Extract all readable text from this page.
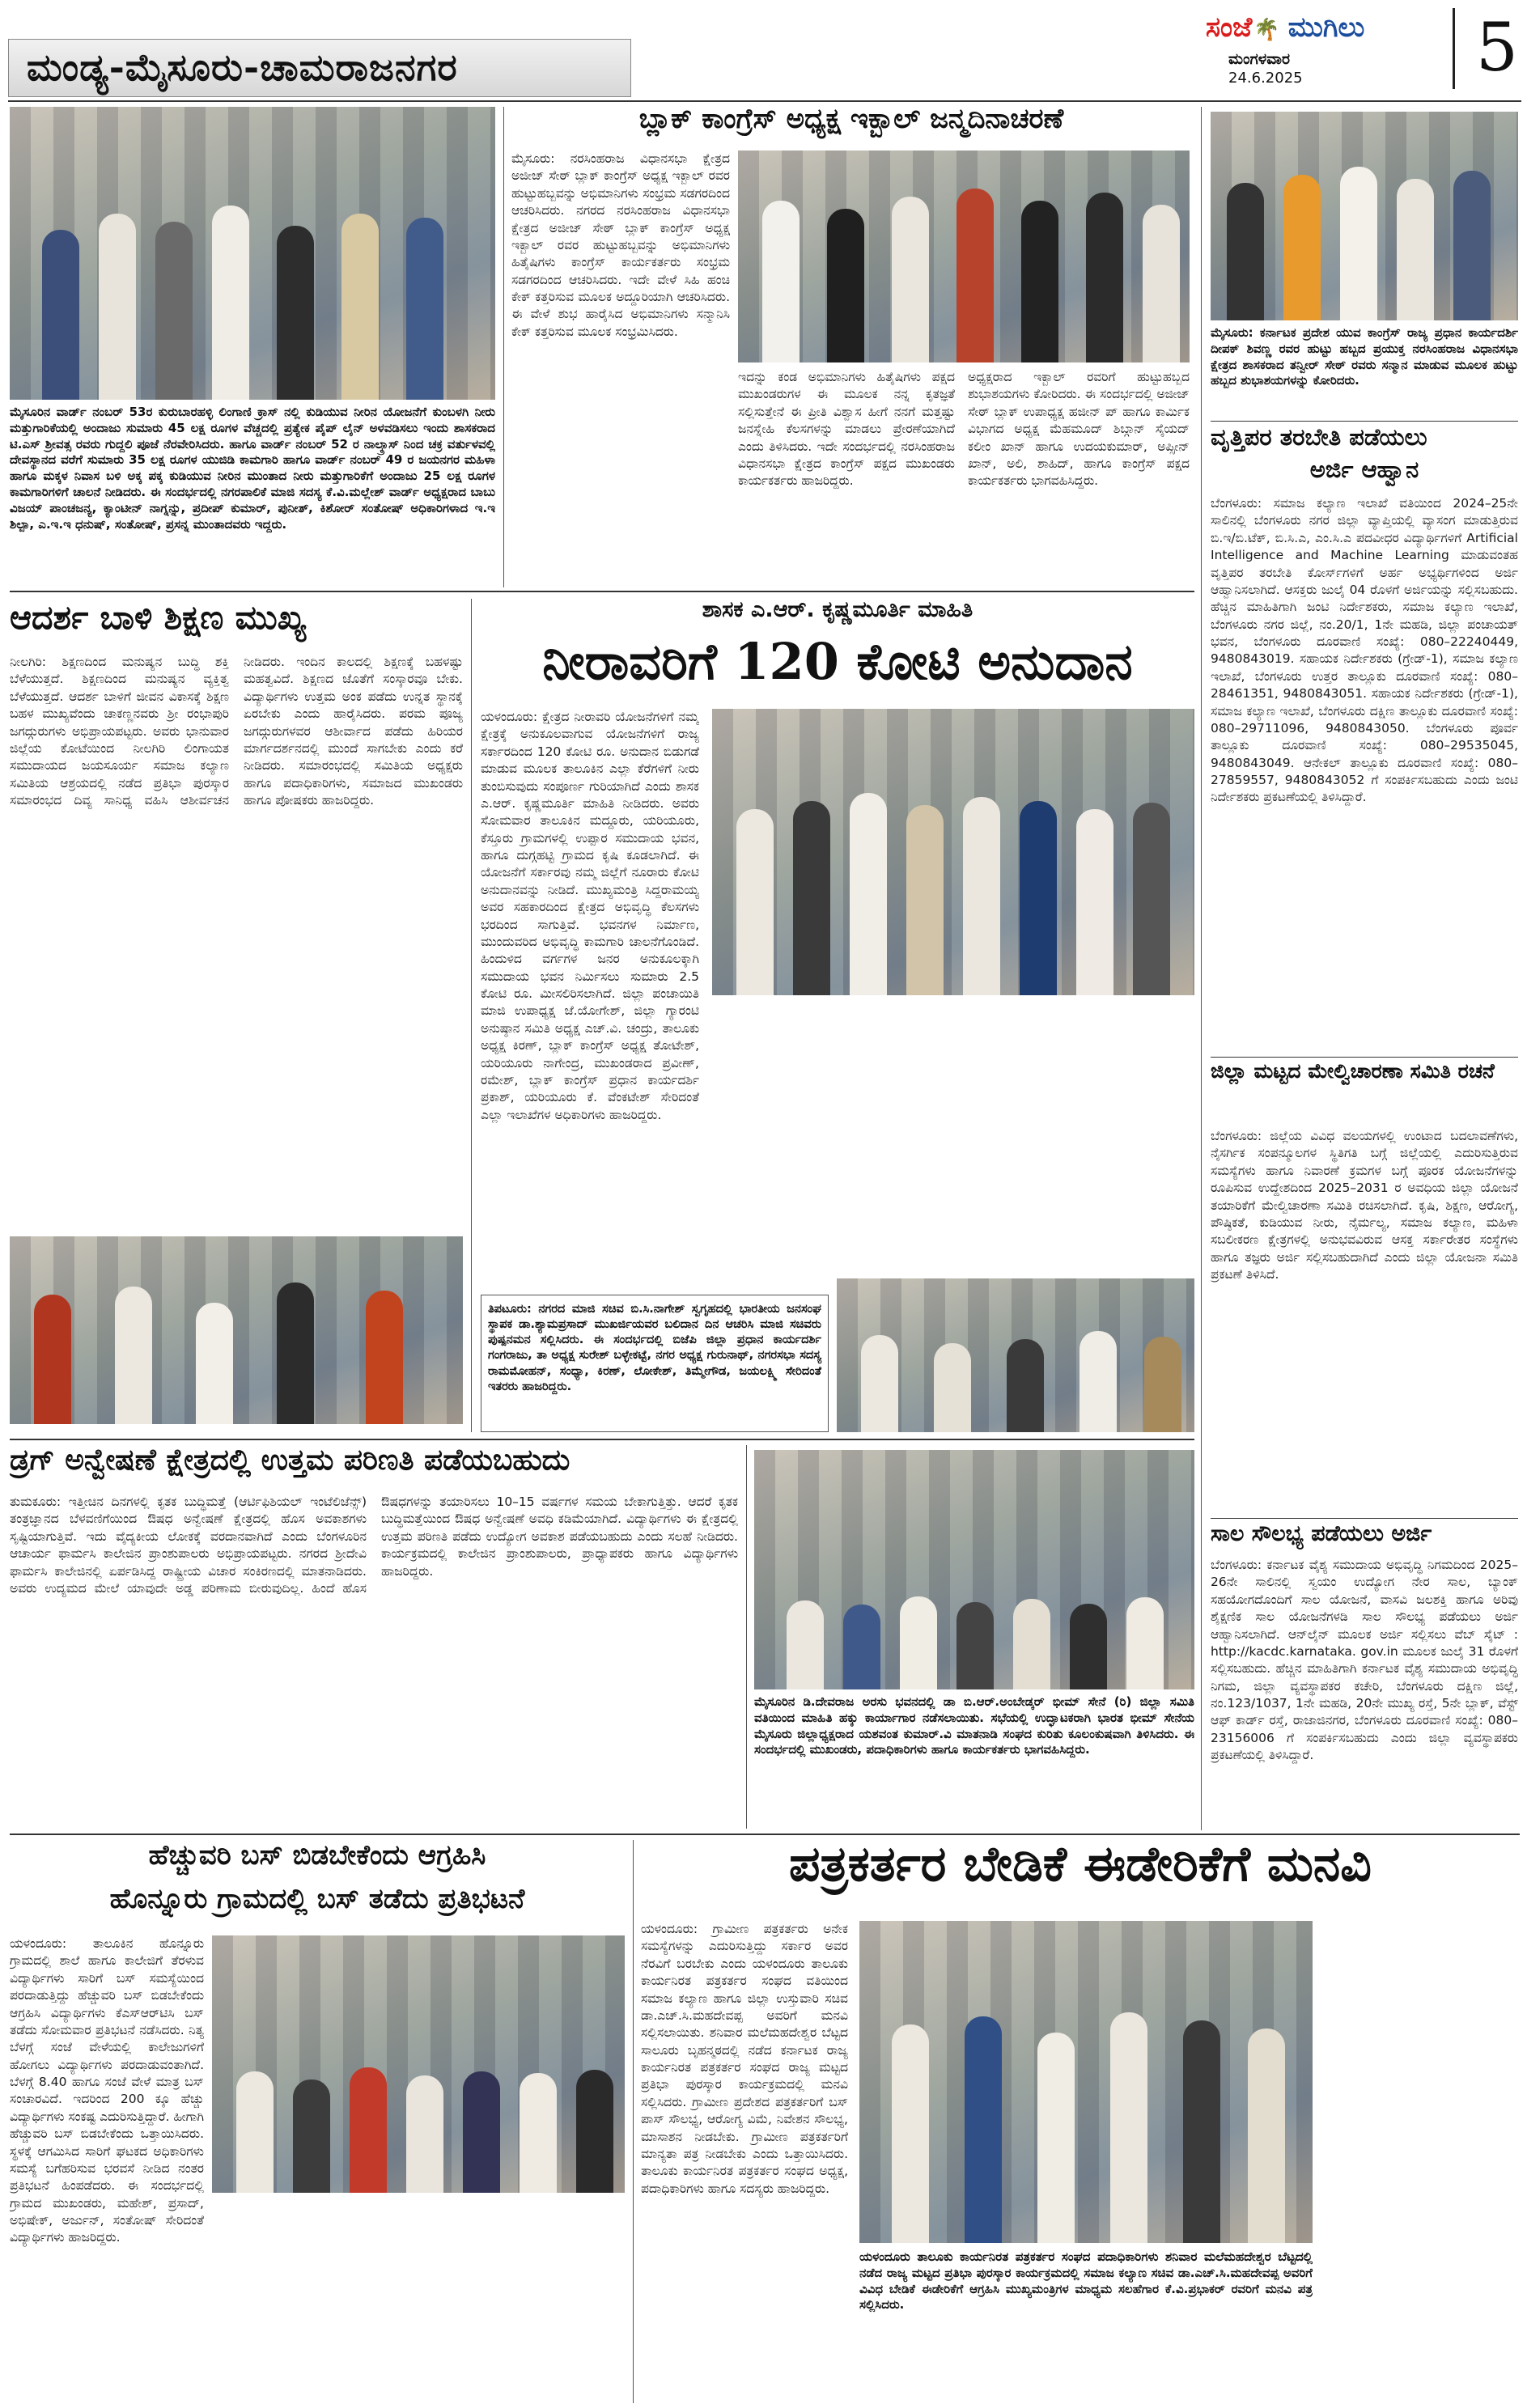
ಮಂಡ್ಯ-ಮೈಸೂರು-ಚಾಮರಾಜನಗರ
ಸಂಜೆ🌴 ಮುಗಿಲು
ಮಂಗಳವಾರ
24.6.2025	5
ಮೈಸೂರಿನ ವಾರ್ಡ್ ನಂಬರ್ 53ರ ಕುರುಬಾರಹಳ್ಳಿ ಲಿಂಗಾಣಿ ಕ್ರಾಸ್ ನಲ್ಲಿ ಕುಡಿಯುವ ನೀರಿನ ಯೋಜನೆಗೆ ಕುಂಬಳಗಿ ನೀರು ಮತ್ತುಗಾರಿಕೆಯಲ್ಲಿ ಅಂದಾಜು ಸುಮಾರು 45 ಲಕ್ಷ ರೂಗಳ ವೆಚ್ಚದಲ್ಲಿ ಪ್ರತ್ಯೇಕ ಪೈಪ್ ಲೈನ್ ಅಳವಡಿಸಲು ಇಂದು ಶಾಸಕರಾದ ಟಿ.ಎಸ್ ಶ್ರೀವತ್ಸ ರವರು ಗುದ್ದಲಿ ಪೂಜೆ ನೆರವೇರಿಸಿದರು. ಹಾಗೂ ವಾರ್ಡ್ ನಂಬರ್ 52 ರ ನಾಲ್ಕ್ರಾಸ್ ನಿಂದ ಚಕ್ರ ವರ್ತುಳವಲ್ಲಿ ದೇವಸ್ಥಾನದ ವರೆಗೆ ಸುಮಾರು 35 ಲಕ್ಷ ರೂಗಳ ಯುಜಿಡಿ ಕಾಮಗಾರಿ ಹಾಗೂ ವಾರ್ಡ್ ನಂಬರ್ 49 ರ ಜಯನಗರ ಮಹಿಳಾ ಹಾಗೂ ಮಕ್ಕಳ ನಿವಾಸ ಬಳಿ ಅಕ್ಕ ಪಕ್ಕ ಕುಡಿಯುವ ನೀರಿನ ಮುಂತಾದ ನೀರು ಮತ್ತುಗಾರಿಕೆಗೆ ಅಂದಾಜು 25 ಲಕ್ಷ ರೂಗಳ ಕಾಮಗಾರಿಗಳಿಗೆ ಚಾಲನೆ ನೀಡಿದರು. ಈ ಸಂದರ್ಭದಲ್ಲಿ ನಗರಪಾಲಿಕೆ ಮಾಜಿ ಸದಸ್ಯ ಕೆ.ವಿ.ಮಲ್ಲೇಶ್ ವಾರ್ಡ್ ಅಧ್ಯಕ್ಷರಾದ ಬಾಬು ವಿಜಯ್ ಪಾಂಚಜನ್ಯ, ಕ್ಯಾಂಟೀನ್ ನಾಗ್ನನ್ನು, ಪ್ರದೀಪ್ ಕುಮಾರ್, ಪುನೀತ್, ಕಿಶೋರ್ ಸಂತೋಷ್ ಅಧಿಕಾರಿಗಳಾದ ಇ.ಇ ಶಿಲ್ಪಾ, ಎ.ಇ.ಇ ಧನುಷ್, ಸಂತೋಷ್, ಪ್ರಸನ್ನ ಮುಂತಾದವರು ಇದ್ದರು.
ಬ್ಲಾಕ್ ಕಾಂಗ್ರೆಸ್ ಅಧ್ಯಕ್ಷ ಇಕ್ಬಾಲ್ ಜನ್ಮದಿನಾಚರಣೆ
ಮೈಸೂರು: ನರಸಿಂಹರಾಜ ವಿಧಾನಸಭಾ ಕ್ಷೇತ್ರದ ಅಜೀಜ್ ಸೇಠ್ ಬ್ಲಾಕ್ ಕಾಂಗ್ರೆಸ್ ಅಧ್ಯಕ್ಷ ಇಕ್ಬಾಲ್ ರವರ ಹುಟ್ಟುಹಬ್ಬವನ್ನು ಅಭಿಮಾನಿಗಳು ಸಂಭ್ರಮ ಸಡಗರದಿಂದ ಆಚರಿಸಿದರು. ನಗರದ ನರಸಿಂಹರಾಜ ವಿಧಾನಸಭಾ ಕ್ಷೇತ್ರದ ಅಜೀಜ್ ಸೇಠ್ ಬ್ಲಾಕ್ ಕಾಂಗ್ರೆಸ್ ಅಧ್ಯಕ್ಷ ಇಕ್ಬಾಲ್ ರವರ ಹುಟ್ಟುಹಬ್ಬವನ್ನು ಅಭಿಮಾನಿಗಳು ಹಿತೈಷಿಗಳು ಕಾಂಗ್ರೆಸ್ ಕಾರ್ಯಕರ್ತರು ಸಂಭ್ರಮ ಸಡಗರದಿಂದ ಆಚರಿಸಿದರು. ಇದೇ ವೇಳೆ ಸಿಹಿ ಹಂಚಿ ಕೇಕ್ ಕತ್ತರಿಸುವ ಮೂಲಕ ಅದ್ದೂರಿಯಾಗಿ ಆಚರಿಸಿದರು. ಈ ವೇಳೆ ಶುಭ ಹಾರೈಸಿದ ಅಭಿಮಾನಿಗಳು ಸನ್ಮಾನಿಸಿ ಕೇಕ್ ಕತ್ತರಿಸುವ ಮೂಲಕ ಸಂಭ್ರಮಿಸಿದರು.
ಇದನ್ನು ಕಂಡ ಅಭಿಮಾನಿಗಳು ಹಿತೈಷಿಗಳು ಪಕ್ಷದ ಮುಖಂಡರುಗಳ ಈ ಮೂಲಕ ನನ್ನ ಕೃತಜ್ಞತೆ ಸಲ್ಲಿಸುತ್ತೇನೆ ಈ ಪ್ರೀತಿ ವಿಶ್ವಾಸ ಹೀಗೆ ನನಗೆ ಮತ್ತಷ್ಟು ಜನಸ್ನೇಹಿ ಕೆಲಸಗಳನ್ನು ಮಾಡಲು ಪ್ರೇರಣೆಯಾಗಿದೆ ಎಂದು ತಿಳಿಸಿದರು. ಇದೇ ಸಂದರ್ಭದಲ್ಲಿ ನರಸಿಂಹರಾಜ ವಿಧಾನಸಭಾ ಕ್ಷೇತ್ರದ ಕಾಂಗ್ರೆಸ್ ಪಕ್ಷದ ಮುಖಂಡರು ಕಾರ್ಯಕರ್ತರು ಹಾಜರಿದ್ದರು.
ಅಧ್ಯಕ್ಷರಾದ ಇಕ್ಬಾಲ್ ರವರಿಗೆ ಹುಟ್ಟುಹಬ್ಬದ ಶುಭಾಶಯಗಳು ಕೋರಿದರು. ಈ ಸಂದರ್ಭದಲ್ಲಿ ಅಜೀಜ್ ಸೇಠ್ ಬ್ಲಾಕ್ ಉಪಾಧ್ಯಕ್ಷ ಹಜೀನ್ ಪ್ ಹಾಗೂ ಕಾರ್ಮಿಕ ವಿಭಾಗದ ಅಧ್ಯಕ್ಷ ಮೆಹಮೂದ್ ಶಿಬ್ಗಾನ್ ಸೈಯದ್ ಕಲೀಂ ಖಾನ್ ಹಾಗೂ ಉದಯಕುಮಾರ್, ಅಪ್ಸೀನ್ ಖಾನ್, ಅಲಿ, ಶಾಹಿದ್, ಹಾಗೂ ಕಾಂಗ್ರೆಸ್ ಪಕ್ಷದ ಕಾರ್ಯಕರ್ತರು ಭಾಗವಹಿಸಿದ್ದರು.
ಮೈಸೂರು: ಕರ್ನಾಟಕ ಪ್ರದೇಶ ಯುವ ಕಾಂಗ್ರೆಸ್ ರಾಜ್ಯ ಪ್ರಧಾನ ಕಾರ್ಯದರ್ಶಿ ದೀಪಕ್ ಶಿವಣ್ಣ ರವರ ಹುಟ್ಟು ಹಬ್ಬದ ಪ್ರಯುಕ್ತ ನರಸಿಂಹರಾಜ ವಿಧಾನಸಭಾ ಕ್ಷೇತ್ರದ ಶಾಸಕರಾದ ತನ್ವೀರ್ ಸೇಠ್ ರವರು ಸನ್ಮಾನ ಮಾಡುವ ಮೂಲಕ ಹುಟ್ಟು ಹಬ್ಬದ ಶುಭಾಶಯಗಳನ್ನು ಕೋರಿದರು.
ವೃತ್ತಿಪರ ತರಬೇತಿ ಪಡೆಯಲು
ಅರ್ಜಿ ಆಹ್ವಾನ
ಬೆಂಗಳೂರು: ಸಮಾಜ ಕಲ್ಯಾಣ ಇಲಾಖೆ ವತಿಯಿಂದ 2024–25ನೇ ಸಾಲಿನಲ್ಲಿ ಬೆಂಗಳೂರು ನಗರ ಜಿಲ್ಲಾ ವ್ಯಾಪ್ತಿಯಲ್ಲಿ ವ್ಯಾಸಂಗ ಮಾಡುತ್ತಿರುವ ಬಿ.ಇ/ಬಿ.ಟೆಕ್, ಬಿ.ಸಿ.ಎ, ಎಂ.ಸಿ.ಎ ಪದವೀಧರ ವಿದ್ಯಾರ್ಥಿಗಳಿಗೆ Artificial Intelligence and Machine Learning ಮಾಡುವಂತಹ ವೃತ್ತಿಪರ ತರಬೇತಿ ಕೋರ್ಸ್‌ಗಳಿಗೆ ಅರ್ಹ ಅಭ್ಯರ್ಥಿಗಳಿಂದ ಅರ್ಜಿ ಆಹ್ವಾನಿಸಲಾಗಿದೆ. ಆಸಕ್ತರು ಜುಲೈ 04 ರೊಳಗೆ ಅರ್ಜಿಯನ್ನು ಸಲ್ಲಿಸಬಹುದು. ಹೆಚ್ಚಿನ ಮಾಹಿತಿಗಾಗಿ ಜಂಟಿ ನಿರ್ದೇಶಕರು, ಸಮಾಜ ಕಲ್ಯಾಣ ಇಲಾಖೆ, ಬೆಂಗಳೂರು ನಗರ ಜಿಲ್ಲೆ, ನಂ.20/1, 1ನೇ ಮಹಡಿ, ಜಿಲ್ಲಾ ಪಂಚಾಯತ್ ಭವನ, ಬೆಂಗಳೂರು ದೂರವಾಣಿ ಸಂಖ್ಯೆ: 080–22240449, 9480843019. ಸಹಾಯಕ ನಿರ್ದೇಶಕರು (ಗ್ರೇಡ್-1), ಸಮಾಜ ಕಲ್ಯಾಣ ಇಲಾಖೆ, ಬೆಂಗಳೂರು ಉತ್ತರ ತಾಲ್ಲೂಕು ದೂರವಾಣಿ ಸಂಖ್ಯೆ: 080–28461351, 9480843051. ಸಹಾಯಕ ನಿರ್ದೇಶಕರು (ಗ್ರೇಡ್-1), ಸಮಾಜ ಕಲ್ಯಾಣ ಇಲಾಖೆ, ಬೆಂಗಳೂರು ದಕ್ಷಿಣ ತಾಲ್ಲೂಕು ದೂರವಾಣಿ ಸಂಖ್ಯೆ: 080–29711096, 9480843050. ಬೆಂಗಳೂರು ಪೂರ್ವ ತಾಲ್ಲೂಕು ದೂರವಾಣಿ ಸಂಖ್ಯೆ: 080–29535045, 9480843049. ಆನೇಕಲ್ ತಾಲ್ಲೂಕು ದೂರವಾಣಿ ಸಂಖ್ಯೆ: 080–27859557, 9480843052 ಗೆ ಸಂಪರ್ಕಿಸಬಹುದು ಎಂದು ಜಂಟಿ ನಿರ್ದೇಶಕರು ಪ್ರಕಟಣೆಯಲ್ಲಿ ತಿಳಿಸಿದ್ದಾರೆ.
ಜಿಲ್ಲಾ ಮಟ್ಟದ ಮೇಲ್ವಿಚಾರಣಾ ಸಮಿತಿ ರಚನೆ
ಬೆಂಗಳೂರು: ಜಿಲ್ಲೆಯ ವಿವಿಧ ವಲಯಗಳಲ್ಲಿ ಉಂಟಾದ ಬದಲಾವಣೆಗಳು, ನೈಸರ್ಗಿಕ ಸಂಪನ್ಮೂಲಗಳ ಸ್ಥಿತಿಗತಿ ಬಗ್ಗೆ ಜಿಲ್ಲೆಯಲ್ಲಿ ಎದುರಿಸುತ್ತಿರುವ ಸಮಸ್ಯೆಗಳು ಹಾಗೂ ನಿವಾರಣೆ ಕ್ರಮಗಳ ಬಗ್ಗೆ ಪೂರಕ ಯೋಜನೆಗಳನ್ನು ರೂಪಿಸುವ ಉದ್ದೇಶದಿಂದ 2025–2031 ರ ಅವಧಿಯ ಜಿಲ್ಲಾ ಯೋಜನೆ ತಯಾರಿಕೆಗೆ ಮೇಲ್ವಿಚಾರಣಾ ಸಮಿತಿ ರಚಿಸಲಾಗಿದೆ. ಕೃಷಿ, ಶಿಕ್ಷಣ, ಆರೋಗ್ಯ, ಪೌಷ್ಠಿಕತೆ, ಕುಡಿಯುವ ನೀರು, ನೈರ್ಮಲ್ಯ, ಸಮಾಜ ಕಲ್ಯಾಣ, ಮಹಿಳಾ ಸಬಲೀಕರಣ ಕ್ಷೇತ್ರಗಳಲ್ಲಿ ಅನುಭವವಿರುವ ಆಸಕ್ತ ಸರ್ಕಾರೇತರ ಸಂಸ್ಥೆಗಳು ಹಾಗೂ ತಜ್ಞರು ಅರ್ಜಿ ಸಲ್ಲಿಸಬಹುದಾಗಿದೆ ಎಂದು ಜಿಲ್ಲಾ ಯೋಜನಾ ಸಮಿತಿ ಪ್ರಕಟಣೆ ತಿಳಿಸಿದೆ.
ಸಾಲ ಸೌಲಭ್ಯ ಪಡೆಯಲು ಅರ್ಜಿ
ಬೆಂಗಳೂರು: ಕರ್ನಾಟಕ ವೈಶ್ಯ ಸಮುದಾಯ ಅಭಿವೃದ್ಧಿ ನಿಗಮದಿಂದ 2025–26ನೇ ಸಾಲಿನಲ್ಲಿ ಸ್ವಯಂ ಉದ್ಯೋಗ ನೇರ ಸಾಲ, ಬ್ಯಾಂಕ್ ಸಹಯೋಗದೊಂದಿಗೆ ಸಾಲ ಯೋಜನೆ, ವಾಸವಿ ಜಲಶಕ್ತಿ ಹಾಗೂ ಅರಿವು ಶೈಕ್ಷಣಿಕ ಸಾಲ ಯೋಜನೆಗಳಡಿ ಸಾಲ ಸೌಲಭ್ಯ ಪಡೆಯಲು ಅರ್ಜಿ ಆಹ್ವಾನಿಸಲಾಗಿದೆ. ಆನ್‌ಲೈನ್ ಮೂಲಕ ಅರ್ಜಿ ಸಲ್ಲಿಸಲು ವೆಬ್ ಸೈಟ್ : http://kacdc.karnataka. gov.in ಮೂಲಕ ಜುಲೈ 31 ರೊಳಗೆ ಸಲ್ಲಿಸಬಹುದು. ಹೆಚ್ಚಿನ ಮಾಹಿತಿಗಾಗಿ ಕರ್ನಾಟಕ ವೈಶ್ಯ ಸಮುದಾಯ ಅಭಿವೃದ್ಧಿ ನಿಗಮ, ಜಿಲ್ಲಾ ವ್ಯವಸ್ಥಾಪಕರ ಕಚೇರಿ, ಬೆಂಗಳೂರು ದಕ್ಷಿಣ ಜಿಲ್ಲೆ, ನಂ.123/1037, 1ನೇ ಮಹಡಿ, 20ನೇ ಮುಖ್ಯ ರಸ್ತೆ, 5ನೇ ಬ್ಲಾಕ್, ವೆಸ್ಟ್ ಆಫ್ ಕಾರ್ಡ್ ರಸ್ತೆ, ರಾಜಾಜಿನಗರ, ಬೆಂಗಳೂರು ದೂರವಾಣಿ ಸಂಖ್ಯೆ: 080–23156006 ಗೆ ಸಂಪರ್ಕಿಸಬಹುದು ಎಂದು ಜಿಲ್ಲಾ ವ್ಯವಸ್ಥಾಪಕರು ಪ್ರಕಟಣೆಯಲ್ಲಿ ತಿಳಿಸಿದ್ದಾರೆ.
ಆದರ್ಶ ಬಾಳಿ ಶಿಕ್ಷಣ ಮುಖ್ಯ
ನೀಲಗಿರಿ: ಶಿಕ್ಷಣದಿಂದ ಮನುಷ್ಯನ ಬುದ್ಧಿ ಶಕ್ತಿ ಬೆಳೆಯುತ್ತದೆ. ಶಿಕ್ಷಣದಿಂದ ಮನುಷ್ಯನ ವ್ಯಕ್ತಿತ್ವ ಬೆಳೆಯುತ್ತದೆ. ಆದರ್ಶ ಬಾಳಿಗೆ ಜೀವನ ವಿಕಾಸಕ್ಕೆ ಶಿಕ್ಷಣ ಬಹಳ ಮುಖ್ಯವೆಂದು ಚಾಕಣ್ಣನವರು ಶ್ರೀ ರಂಭಾಪುರಿ ಜಗದ್ಗುರುಗಳು ಅಭಿಪ್ರಾಯಪಟ್ಟರು. ಅವರು ಭಾನುವಾರ ಜಿಲ್ಲೆಯ ಕೋಟೆಯಿಂದ ನೀಲಗಿರಿ ಲಿಂಗಾಯತ ಸಮುದಾಯದ ಜಯಸೂರ್ಯ ಸಮಾಜ ಕಲ್ಯಾಣ ಸಮಿತಿಯ ಆಶ್ರಯದಲ್ಲಿ ನಡೆದ ಪ್ರತಿಭಾ ಪುರಸ್ಕಾರ ಸಮಾರಂಭದ ದಿವ್ಯ ಸಾನಿಧ್ಯ ವಹಿಸಿ ಆಶೀರ್ವಚನ ನೀಡಿದರು. ಇಂದಿನ ಕಾಲದಲ್ಲಿ ಶಿಕ್ಷಣಕ್ಕೆ ಬಹಳಷ್ಟು ಮಹತ್ವವಿದೆ. ಶಿಕ್ಷಣದ ಜೊತೆಗೆ ಸಂಸ್ಕಾರವೂ ಬೇಕು. ವಿದ್ಯಾರ್ಥಿಗಳು ಉತ್ತಮ ಅಂಕ ಪಡೆದು ಉನ್ನತ ಸ್ಥಾನಕ್ಕೆ ಏರಬೇಕು ಎಂದು ಹಾರೈಸಿದರು. ಪರಮ ಪೂಜ್ಯ ಜಗದ್ಗುರುಗಳವರ ಆಶೀರ್ವಾದ ಪಡೆದು ಹಿರಿಯರ ಮಾರ್ಗದರ್ಶನದಲ್ಲಿ ಮುಂದೆ ಸಾಗಬೇಕು ಎಂದು ಕರೆ ನೀಡಿದರು. ಸಮಾರಂಭದಲ್ಲಿ ಸಮಿತಿಯ ಅಧ್ಯಕ್ಷರು ಹಾಗೂ ಪದಾಧಿಕಾರಿಗಳು, ಸಮಾಜದ ಮುಖಂಡರು ಹಾಗೂ ಪೋಷಕರು ಹಾಜರಿದ್ದರು.
ಶಾಸಕ ಎ.ಆರ್. ಕೃಷ್ಣಮೂರ್ತಿ ಮಾಹಿತಿ
ನೀರಾವರಿಗೆ 120 ಕೋಟಿ ಅನುದಾನ
ಯಳಂದೂರು: ಕ್ಷೇತ್ರದ ನೀರಾವರಿ ಯೋಜನೆಗಳಿಗೆ ನಮ್ಮ ಕ್ಷೇತ್ರಕ್ಕೆ ಅನುಕೂಲವಾಗುವ ಯೋಜನೆಗಳಿಗೆ ರಾಜ್ಯ ಸರ್ಕಾರದಿಂದ 120 ಕೋಟಿ ರೂ. ಅನುದಾನ ಬಿಡುಗಡೆ ಮಾಡುವ ಮೂಲಕ ತಾಲೂಕಿನ ಎಲ್ಲಾ ಕೆರೆಗಳಿಗೆ ನೀರು ತುಂಬಿಸುವುದು ಸಂಪೂರ್ಣ ಗುರಿಯಾಗಿದೆ ಎಂದು ಶಾಸಕ ಎ.ಆರ್. ಕೃಷ್ಣಮೂರ್ತಿ ಮಾಹಿತಿ ನೀಡಿದರು. ಅವರು ಸೋಮವಾರ ತಾಲೂಕಿನ ಮದ್ದೂರು, ಯರಿಯೂರು, ಕೆಸ್ತೂರು ಗ್ರಾಮಗಳಲ್ಲಿ ಉಪ್ಪಾರ ಸಮುದಾಯ ಭವನ, ಹಾಗೂ ದುಗ್ಗಹಟ್ಟಿ ಗ್ರಾಮದ ಕೃಷಿ ಕೂಡಲಾಗಿದೆ. ಈ ಯೋಜನೆಗೆ ಸರ್ಕಾರವು ನಮ್ಮ ಜಿಲ್ಲೆಗೆ ನೂರಾರು ಕೋಟಿ ಅನುದಾನವನ್ನು ನೀಡಿದೆ. ಮುಖ್ಯಮಂತ್ರಿ ಸಿದ್ದರಾಮಯ್ಯ ಅವರ ಸಹಕಾರದಿಂದ ಕ್ಷೇತ್ರದ ಅಭಿವೃದ್ಧಿ ಕೆಲಸಗಳು ಭರದಿಂದ ಸಾಗುತ್ತಿವೆ. ಭವನಗಳ ನಿರ್ಮಾಣ, ಮುಂದುವರಿದ ಅಭಿವೃದ್ಧಿ ಕಾಮಗಾರಿ ಚಾಲನೆಗೊಂಡಿದೆ. ಹಿಂದುಳಿದ ವರ್ಗಗಳ ಜನರ ಅನುಕೂಲಕ್ಕಾಗಿ ಸಮುದಾಯ ಭವನ ನಿರ್ಮಿಸಲು ಸುಮಾರು 2.5 ಕೋಟಿ ರೂ. ಮೀಸಲಿರಿಸಲಾಗಿದೆ. ಜಿಲ್ಲಾ ಪಂಚಾಯಿತಿ ಮಾಜಿ ಉಪಾಧ್ಯಕ್ಷ ಜೆ.ಯೋಗೇಶ್, ಜಿಲ್ಲಾ ಗ್ಯಾರಂಟಿ ಅನುಷ್ಠಾನ ಸಮಿತಿ ಅಧ್ಯಕ್ಷ ಎಚ್.ವಿ. ಚಂದ್ರು, ತಾಲೂಕು ಅಧ್ಯಕ್ಷ ಕಿರಣ್, ಬ್ಲಾಕ್ ಕಾಂಗ್ರೆಸ್ ಅಧ್ಯಕ್ಷ ತೋಟೇಶ್, ಯರಿಯೂರು ನಾಗೇಂದ್ರ, ಮುಖಂಡರಾದ ಪ್ರವೀಣ್, ರಮೇಶ್, ಬ್ಲಾಕ್ ಕಾಂಗ್ರೆಸ್ ಪ್ರಧಾನ ಕಾರ್ಯದರ್ಶಿ ಪ್ರಕಾಶ್, ಯರಿಯೂರು ಕೆ. ವೆಂಕಟೇಶ್ ಸೇರಿದಂತೆ ಎಲ್ಲಾ ಇಲಾಖೆಗಳ ಅಧಿಕಾರಿಗಳು ಹಾಜರಿದ್ದರು.
ತಿಪಟೂರು: ನಗರದ ಮಾಜಿ ಸಚಿವ ಬಿ.ಸಿ.ನಾಗೇಶ್ ಸ್ವಗೃಹದಲ್ಲಿ ಭಾರತೀಯ ಜನಸಂಘ ಸ್ಥಾಪಕ ಡಾ.ಶ್ಯಾಮಪ್ರಸಾದ್ ಮುಖರ್ಜಿಯವರ ಬಲಿದಾನ ದಿನ ಆಚರಿಸಿ ಮಾಜಿ ಸಚಿವರು ಪುಷ್ಪನಮನ ಸಲ್ಲಿಸಿದರು. ಈ ಸಂದರ್ಭದಲ್ಲಿ ಬಿಜೆಪಿ ಜಿಲ್ಲಾ ಪ್ರಧಾನ ಕಾರ್ಯದರ್ಶಿ ಗಂಗರಾಜು, ತಾ ಅಧ್ಯಕ್ಷ ಸುರೇಶ್ ಬಳ್ಳೇಕಟ್ಟೆ, ನಗರ ಅಧ್ಯಕ್ಷ ಗುರುನಾಥ್, ನಗರಸಭಾ ಸದಸ್ಯ ರಾಮಮೋಹನ್, ಸಂಧ್ಯಾ, ಕಿರಣ್, ಲೋಕೇಶ್, ತಿಮ್ಮೇಗೌಡ, ಜಯಲಕ್ಷ್ಮಿ ಸೇರಿದಂತೆ ಇತರರು ಹಾಜರಿದ್ದರು.
ಡ್ರಗ್ ಅನ್ವೇಷಣೆ ಕ್ಷೇತ್ರದಲ್ಲಿ ಉತ್ತಮ ಪರಿಣತಿ ಪಡೆಯಬಹುದು
ತುಮಕೂರು: ಇತ್ತೀಚಿನ ದಿನಗಳಲ್ಲಿ ಕೃತಕ ಬುದ್ಧಿಮತ್ತೆ (ಆರ್ಟಿಫಿಶಿಯಲ್ ಇಂಟೆಲಿಜೆನ್ಸ್) ತಂತ್ರಜ್ಞಾನದ ಬೆಳವಣಿಗೆಯಿಂದ ಔಷಧ ಅನ್ವೇಷಣೆ ಕ್ಷೇತ್ರದಲ್ಲಿ ಹೊಸ ಅವಕಾಶಗಳು ಸೃಷ್ಟಿಯಾಗುತ್ತಿವೆ. ಇದು ವೈದ್ಯಕೀಯ ಲೋಕಕ್ಕೆ ವರದಾನವಾಗಿದೆ ಎಂದು ಬೆಂಗಳೂರಿನ ಆಚಾರ್ಯ ಫಾರ್ಮಸಿ ಕಾಲೇಜಿನ ಪ್ರಾಂಶುಪಾಲರು ಅಭಿಪ್ರಾಯಪಟ್ಟರು. ನಗರದ ಶ್ರೀದೇವಿ ಫಾರ್ಮಸಿ ಕಾಲೇಜಿನಲ್ಲಿ ಏರ್ಪಡಿಸಿದ್ದ ರಾಷ್ಟ್ರೀಯ ವಿಚಾರ ಸಂಕಿರಣದಲ್ಲಿ ಮಾತನಾಡಿದರು. ಅವರು ಉದ್ಯಮದ ಮೇಲೆ ಯಾವುದೇ ಅಡ್ಡ ಪರಿಣಾಮ ಬೀರುವುದಿಲ್ಲ. ಹಿಂದೆ ಹೊಸ ಔಷಧಗಳನ್ನು ತಯಾರಿಸಲು 10–15 ವರ್ಷಗಳ ಸಮಯ ಬೇಕಾಗುತ್ತಿತ್ತು. ಆದರೆ ಕೃತಕ ಬುದ್ಧಿಮತ್ತೆಯಿಂದ ಔಷಧ ಅನ್ವೇಷಣೆ ಅವಧಿ ಕಡಿಮೆಯಾಗಿದೆ. ವಿದ್ಯಾರ್ಥಿಗಳು ಈ ಕ್ಷೇತ್ರದಲ್ಲಿ ಉತ್ತಮ ಪರಿಣತಿ ಪಡೆದು ಉದ್ಯೋಗ ಅವಕಾಶ ಪಡೆಯಬಹುದು ಎಂದು ಸಲಹೆ ನೀಡಿದರು. ಕಾರ್ಯಕ್ರಮದಲ್ಲಿ ಕಾಲೇಜಿನ ಪ್ರಾಂಶುಪಾಲರು, ಪ್ರಾಧ್ಯಾಪಕರು ಹಾಗೂ ವಿದ್ಯಾರ್ಥಿಗಳು ಹಾಜರಿದ್ದರು.
ಮೈಸೂರಿನ ಡಿ.ದೇವರಾಜ ಅರಸು ಭವನದಲ್ಲಿ ಡಾ ಬಿ.ಆರ್.ಅಂಬೇಡ್ಕರ್ ಭೀಮ್ ಸೇನೆ (ರಿ) ಜಿಲ್ಲಾ ಸಮಿತಿ ವತಿಯಿಂದ ಮಾಹಿತಿ ಹಕ್ಕು ಕಾರ್ಯಾಗಾರ ನಡೆಸಲಾಯಿತು. ಸಭೆಯಲ್ಲಿ ಉದ್ಘಾಟಕರಾಗಿ ಭಾರತ ಭೀಮ್ ಸೇನೆಯ ಮೈಸೂರು ಜಿಲ್ಲಾಧ್ಯಕ್ಷರಾದ ಯಶವಂತ ಕುಮಾರ್.ವಿ ಮಾತನಾಡಿ ಸಂಘದ ಕುರಿತು ಕೂಲಂಕುಷವಾಗಿ ತಿಳಿಸಿದರು. ಈ ಸಂದರ್ಭದಲ್ಲಿ ಮುಖಂಡರು, ಪದಾಧಿಕಾರಿಗಳು ಹಾಗೂ ಕಾರ್ಯಕರ್ತರು ಭಾಗವಹಿಸಿದ್ದರು.
ಹೆಚ್ಚುವರಿ ಬಸ್ ಬಿಡಬೇಕೆಂದು ಆಗ್ರಹಿಸಿ
ಹೊನ್ನೂರು ಗ್ರಾಮದಲ್ಲಿ ಬಸ್ ತಡೆದು ಪ್ರತಿಭಟನೆ
ಯಳಂದೂರು: ತಾಲೂಕಿನ ಹೊನ್ನೂರು ಗ್ರಾಮದಲ್ಲಿ ಶಾಲೆ ಹಾಗೂ ಕಾಲೇಜಿಗೆ ತೆರಳುವ ವಿದ್ಯಾರ್ಥಿಗಳು ಸಾರಿಗೆ ಬಸ್ ಸಮಸ್ಯೆಯಿಂದ ಪರದಾಡುತ್ತಿದ್ದು ಹೆಚ್ಚುವರಿ ಬಸ್ ಬಿಡಬೇಕೆಂದು ಆಗ್ರಹಿಸಿ ವಿದ್ಯಾರ್ಥಿಗಳು ಕೆಎಸ್‌ಆರ್‌ಟಿಸಿ ಬಸ್ ತಡೆದು ಸೋಮವಾರ ಪ್ರತಿಭಟನೆ ನಡೆಸಿದರು. ನಿತ್ಯ ಬೆಳಗ್ಗೆ ಸಂಜೆ ವೇಳೆಯಲ್ಲಿ ಕಾಲೇಜುಗಳಿಗೆ ಹೋಗಲು ವಿದ್ಯಾರ್ಥಿಗಳು ಪರದಾಡುವಂತಾಗಿದೆ. ಬೆಳಗ್ಗೆ 8.40 ಹಾಗೂ ಸಂಜೆ ವೇಳೆ ಮಾತ್ರ ಬಸ್ ಸಂಚಾರವಿದೆ. ಇದರಿಂದ 200 ಕ್ಕೂ ಹೆಚ್ಚು ವಿದ್ಯಾರ್ಥಿಗಳು ಸಂಕಷ್ಟ ಎದುರಿಸುತ್ತಿದ್ದಾರೆ. ಹೀಗಾಗಿ ಹೆಚ್ಚುವರಿ ಬಸ್ ಬಿಡಬೇಕೆಂದು ಒತ್ತಾಯಿಸಿದರು. ಸ್ಥಳಕ್ಕೆ ಆಗಮಿಸಿದ ಸಾರಿಗೆ ಘಟಕದ ಅಧಿಕಾರಿಗಳು ಸಮಸ್ಯೆ ಬಗೆಹರಿಸುವ ಭರವಸೆ ನೀಡಿದ ನಂತರ ಪ್ರತಿಭಟನೆ ಹಿಂಪಡೆದರು. ಈ ಸಂದರ್ಭದಲ್ಲಿ ಗ್ರಾಮದ ಮುಖಂಡರು, ಮಹೇಶ್, ಪ್ರಸಾದ್, ಅಭಿಷೇಕ್, ಅರ್ಜುನ್, ಸಂತೋಷ್ ಸೇರಿದಂತೆ ವಿದ್ಯಾರ್ಥಿಗಳು ಹಾಜರಿದ್ದರು.
ಪತ್ರಕರ್ತರ ಬೇಡಿಕೆ ಈಡೇರಿಕೆಗೆ ಮನವಿ
ಯಳಂದೂರು: ಗ್ರಾಮೀಣ ಪತ್ರಕರ್ತರು ಅನೇಕ ಸಮಸ್ಯೆಗಳನ್ನು ಎದುರಿಸುತ್ತಿದ್ದು ಸರ್ಕಾರ ಅವರ ನೆರವಿಗೆ ಬರಬೇಕು ಎಂದು ಯಳಂದೂರು ತಾಲೂಕು ಕಾರ್ಯನಿರತ ಪತ್ರಕರ್ತರ ಸಂಘದ ವತಿಯಿಂದ ಸಮಾಜ ಕಲ್ಯಾಣ ಹಾಗೂ ಜಿಲ್ಲಾ ಉಸ್ತುವಾರಿ ಸಚಿವ ಡಾ.ಎಚ್.ಸಿ.ಮಹದೇವಪ್ಪ ಅವರಿಗೆ ಮನವಿ ಸಲ್ಲಿಸಲಾಯಿತು. ಶನಿವಾರ ಮಲೆಮಹದೇಶ್ವರ ಬೆಟ್ಟದ ಸಾಲೂರು ಬೃಹನ್ಮಠದಲ್ಲಿ ನಡೆದ ಕರ್ನಾಟಕ ರಾಜ್ಯ ಕಾರ್ಯನಿರತ ಪತ್ರಕರ್ತರ ಸಂಘದ ರಾಜ್ಯ ಮಟ್ಟದ ಪ್ರತಿಭಾ ಪುರಸ್ಕಾರ ಕಾರ್ಯಕ್ರಮದಲ್ಲಿ ಮನವಿ ಸಲ್ಲಿಸಿದರು. ಗ್ರಾಮೀಣ ಪ್ರದೇಶದ ಪತ್ರಕರ್ತರಿಗೆ ಬಸ್ ಪಾಸ್ ಸೌಲಭ್ಯ, ಆರೋಗ್ಯ ವಿಮೆ, ನಿವೇಶನ ಸೌಲಭ್ಯ, ಮಾಸಾಶನ ನೀಡಬೇಕು. ಗ್ರಾಮೀಣ ಪತ್ರಕರ್ತರಿಗೆ ಮಾನ್ಯತಾ ಪತ್ರ ನೀಡಬೇಕು ಎಂದು ಒತ್ತಾಯಿಸಿದರು. ತಾಲೂಕು ಕಾರ್ಯನಿರತ ಪತ್ರಕರ್ತರ ಸಂಘದ ಅಧ್ಯಕ್ಷ, ಪದಾಧಿಕಾರಿಗಳು ಹಾಗೂ ಸದಸ್ಯರು ಹಾಜರಿದ್ದರು.
ಯಳಂದೂರು ತಾಲೂಕು ಕಾರ್ಯನಿರತ ಪತ್ರಕರ್ತರ ಸಂಘದ ಪದಾಧಿಕಾರಿಗಳು ಶನಿವಾರ ಮಲೆಮಹದೇಶ್ವರ ಬೆಟ್ಟದಲ್ಲಿ ನಡೆದ ರಾಜ್ಯ ಮಟ್ಟದ ಪ್ರತಿಭಾ ಪುರಸ್ಕಾರ ಕಾರ್ಯಕ್ರಮದಲ್ಲಿ ಸಮಾಜ ಕಲ್ಯಾಣ ಸಚಿವ ಡಾ.ಎಚ್.ಸಿ.ಮಹದೇವಪ್ಪ ಅವರಿಗೆ ವಿವಿಧ ಬೇಡಿಕೆ ಈಡೇರಿಕೆಗೆ ಆಗ್ರಹಿಸಿ ಮುಖ್ಯಮಂತ್ರಿಗಳ ಮಾಧ್ಯಮ ಸಲಹೆಗಾರ ಕೆ.ವಿ.ಪ್ರಭಾಕರ್ ರವರಿಗೆ ಮನವಿ ಪತ್ರ ಸಲ್ಲಿಸಿದರು.
